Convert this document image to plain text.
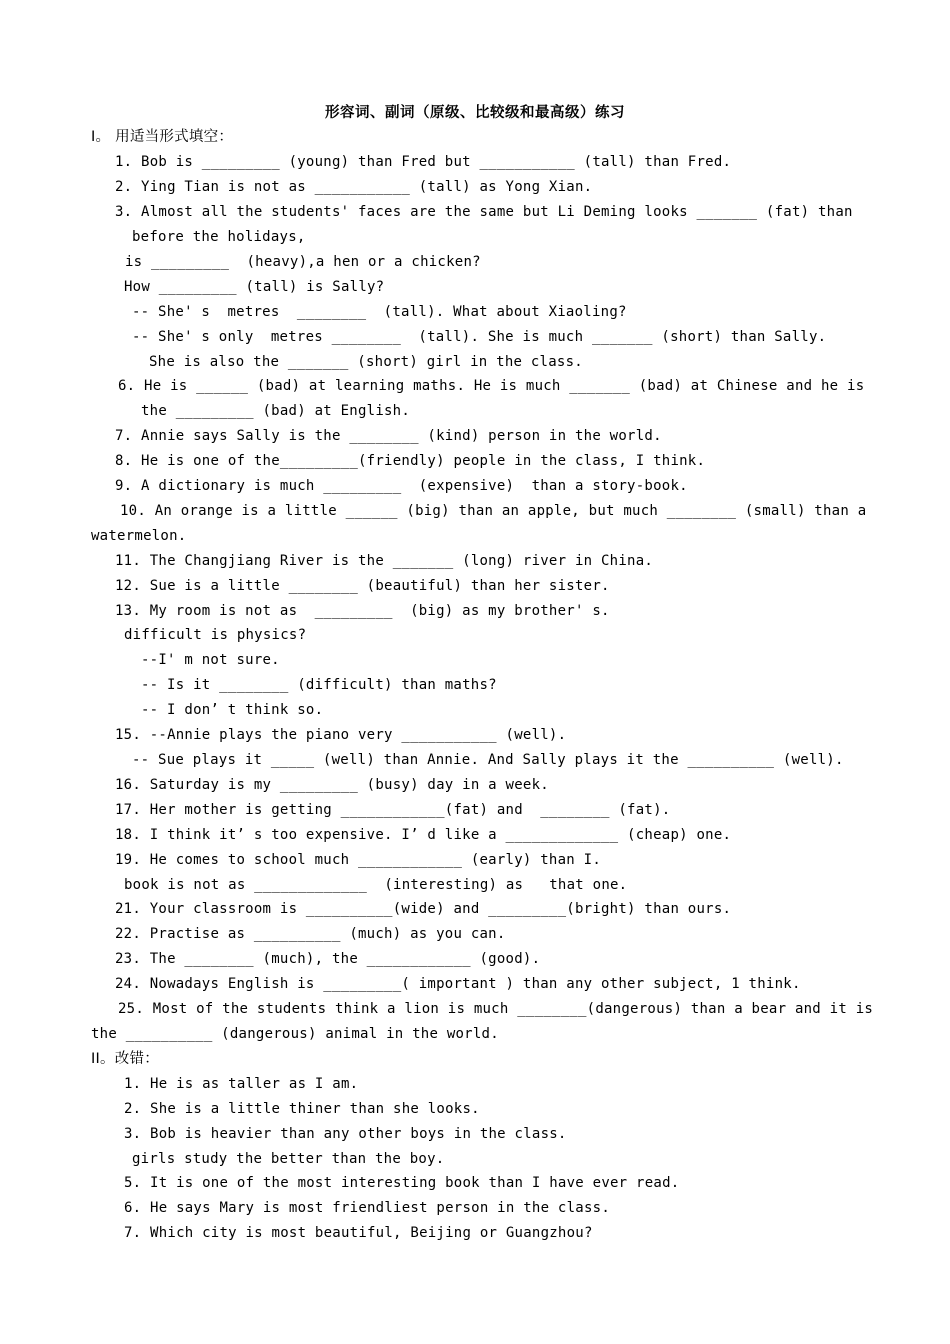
形容词、副词（原级、比较级和最高级）练习
I。 用适当形式填空：
1. Bob is _________ (young) than Fred but ___________ (tall) than Fred.
2. Ying Tian is not as ___________ (tall) as Yong Xian.
3. Almost all the students' faces are the same but Li Deming looks _______ (fat) than
before the holidays,
is _________  (heavy),a hen or a chicken?
How _________ (tall) is Sally?
-- She' s  metres  ________  (tall). What about Xiaoling?
-- She' s only  metres ________  (tall). She is much _______ (short) than Sally.
She is also the _______ (short) girl in the class.
6. He is ______ (bad) at learning maths. He is much _______ (bad) at Chinese and he is
the _________ (bad) at English.
7. Annie says Sally is the ________ (kind) person in the world.
8. He is one of the_________(friendly) people in the class, I think.
9. A dictionary is much _________  (expensive)  than a story-book.
10. An orange is a little ______ (big) than an apple, but much ________ (small) than a
watermelon.
11. The Changjiang River is the _______ (long) river in China.
12. Sue is a little ________ (beautiful) than her sister.
13. My room is not as  _________  (big) as my brother' s.
difficult is physics?
--I' m not sure.
-- Is it ________ (difficult) than maths?
-- I don’ t think so.
15. --Annie plays the piano very ___________ (well).
-- Sue plays it _____ (well) than Annie. And Sally plays it the __________ (well).
16. Saturday is my _________ (busy) day in a week.
17. Her mother is getting ____________(fat) and  ________ (fat).
18. I think it’ s too expensive. I’ d like a _____________ (cheap) one.
19. He comes to school much ____________ (early) than I.
book is not as _____________  (interesting) as   that one.
21. Your classroom is __________(wide) and _________(bright) than ours.
22. Practise as __________ (much) as you can.
23. The ________ (much), the ____________ (good).
24. Nowadays English is _________( important ) than any other subject, 1 think.
25. Most of the students think a lion is much ________(dangerous) than a bear and it is
the __________ (dangerous) animal in the world.
II。改错：
1. He is as taller as I am.
2. She is a little thiner than she looks.
3. Bob is heavier than any other boys in the class.
girls study the better than the boy.
5. It is one of the most interesting book than I have ever read.
6. He says Mary is most friendliest person in the class.
7. Which city is most beautiful, Beijing or Guangzhou?
